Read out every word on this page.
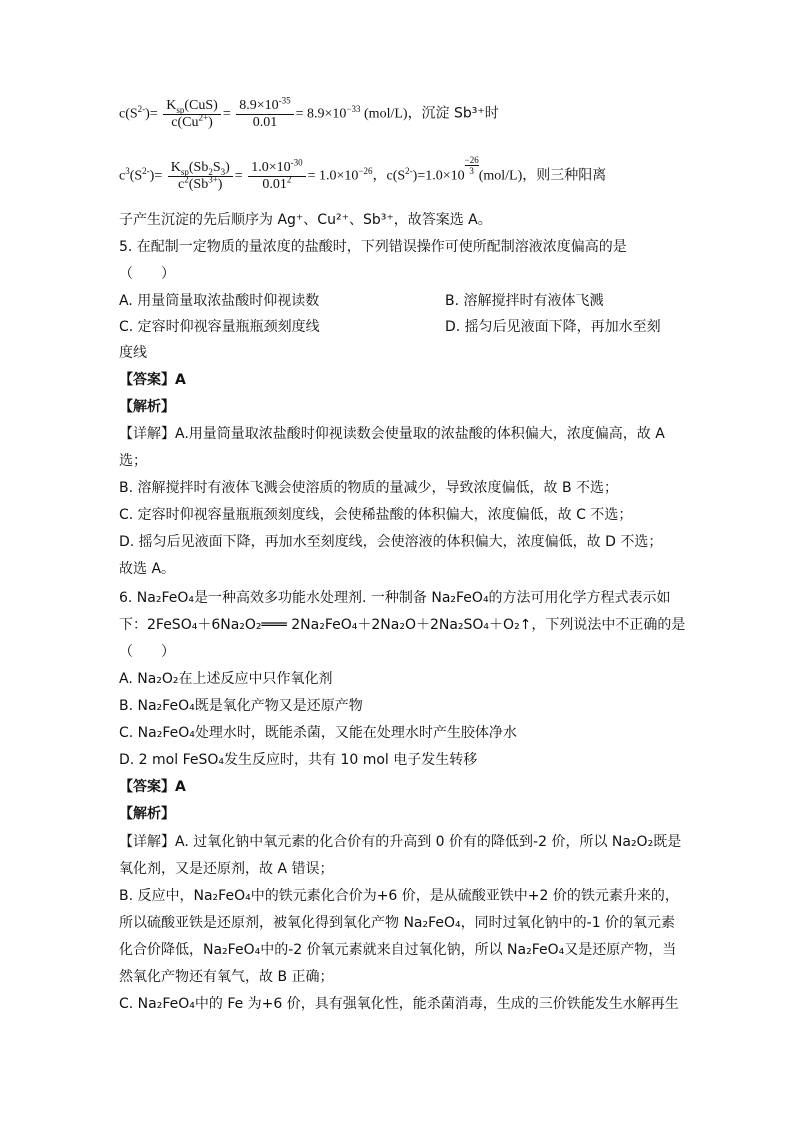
$c(S^{2-})= \frac{K_{sp}(CuS)}{c(Cu^{2+})} = \frac{8.9\times 10^{-35}}{0.01} = 8.9\times 10^{-33}$ (mol/L)，沉淀 Sb³⁺时
$c^3(S^{2-})= \frac{K_{sp}(Sb_2S_3)}{c^2(Sb^{3+})} = \frac{1.0\times 10^{-30}}{0.01^2} = 1.0\times 10^{-26}$，$c(S^{2-})=1.0\times 10$
$\frac{-26}{3}$
(mol/L)，则三种阳离
子产生沉淀的先后顺序为 Ag⁺、Cu²⁺、Sb³⁺，故答案选 A。
5. 在配制一定物质的量浓度的盐酸时，下列错误操作可使所配制溶液浓度偏高的是
（　　）
A. 用量筒量取浓盐酸时仰视读数	B. 溶解搅拌时有液体飞溅
C. 定容时仰视容量瓶瓶颈刻度线	D. 摇匀后见液面下降，再加水至刻
度线
【答案】A
【解析】
【详解】A.用量筒量取浓盐酸时仰视读数会使量取的浓盐酸的体积偏大，浓度偏高，故 A
选；
B. 溶解搅拌时有液体飞溅会使溶质的物质的量减少，导致浓度偏低，故 B 不选；
C. 定容时仰视容量瓶瓶颈刻度线，会使稀盐酸的体积偏大，浓度偏低，故 C 不选；
D. 摇匀后见液面下降，再加水至刻度线，会使溶液的体积偏大，浓度偏低，故 D 不选；
故选 A。
6. Na₂FeO₄是一种高效多功能水处理剂. 一种制备 Na₂FeO₄的方法可用化学方程式表示如
下：2FeSO₄＋6Na₂O₂═══ 2Na₂FeO₄＋2Na₂O＋2Na₂SO₄＋O₂↑，下列说法中不正确的是
（　　）
A. Na₂O₂在上述反应中只作氧化剂
B. Na₂FeO₄既是氧化产物又是还原产物
C. Na₂FeO₄处理水时，既能杀菌，又能在处理水时产生胶体净水
D. 2 mol FeSO₄发生反应时，共有 10 mol 电子发生转移
【答案】A
【解析】
【详解】A. 过氧化钠中氧元素的化合价有的升高到 0 价有的降低到-2 价，所以 Na₂O₂既是
氧化剂，又是还原剂，故 A 错误；
B. 反应中，Na₂FeO₄中的铁元素化合价为+6 价，是从硫酸亚铁中+2 价的铁元素升来的，
所以硫酸亚铁是还原剂，被氧化得到氧化产物 Na₂FeO₄，同时过氧化钠中的-1 价的氧元素
化合价降低，Na₂FeO₄中的-2 价氧元素就来自过氧化钠，所以 Na₂FeO₄又是还原产物，当
然氧化产物还有氧气，故 B 正确；
C. Na₂FeO₄中的 Fe 为+6 价，具有强氧化性，能杀菌消毒，生成的三价铁能发生水解再生
